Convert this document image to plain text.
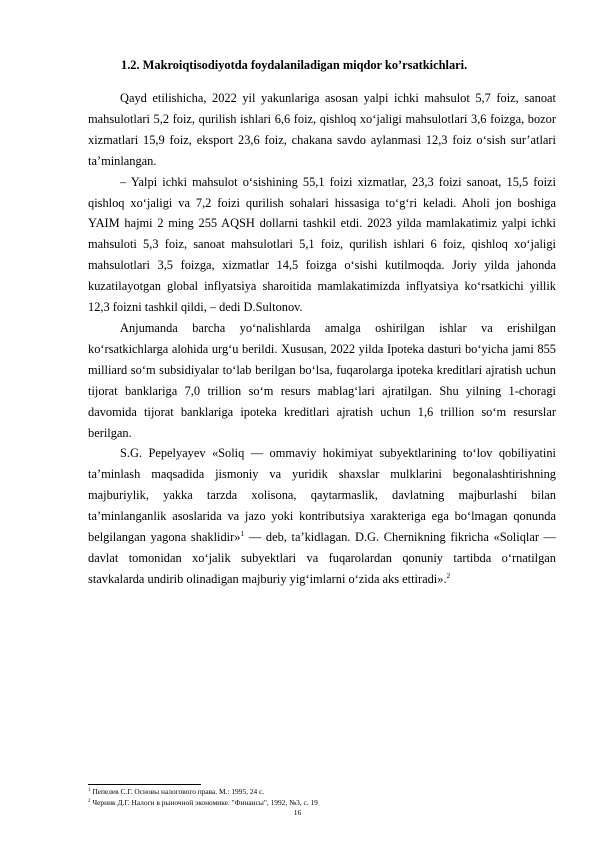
1.2. Makroiqtisodiyotda foydalaniladigan miqdor ko’rsatkichlari.

Qayd etilishicha, 2022 yil yakunlariga asosan yalpi ichki mahsulot 5,7 foiz, sanoat mahsulotlari 5,2 foiz, qurilish ishlari 6,6 foiz, qishloq xo‘jaligi mahsulotlari 3,6 foizga, bozor xizmatlari 15,9 foiz, eksport 23,6 foiz, chakana savdo aylanmasi 12,3 foiz o‘sish sur’atlari ta’minlangan.

– Yalpi ichki mahsulot o‘sishining 55,1 foizi xizmatlar, 23,3 foizi sanoat, 15,5 foizi qishloq xo‘jaligi va 7,2 foizi qurilish sohalari hissasiga to‘g‘ri keladi. Aholi jon boshiga YAIM hajmi 2 ming 255 AQSH dollarni tashkil etdi. 2023 yilda mamlakatimiz yalpi ichki mahsuloti 5,3 foiz, sanoat mahsulotlari 5,1 foiz, qurilish ishlari 6 foiz, qishloq xo‘jaligi mahsulotlari 3,5 foizga, xizmatlar 14,5 foizga o‘sishi kutilmoqda. Joriy yilda jahonda kuzatilayotgan global inflyatsiya sharoitida mamlakatimizda inflyatsiya ko‘rsatkichi yillik 12,3 foizni tashkil qildi, – dedi D.Sultonov.

Anjumanda barcha yo‘nalishlarda amalga oshirilgan ishlar va erishilgan ko‘rsatkichlarga alohida urg‘u berildi. Xususan, 2022 yilda Ipoteka dasturi bo‘yicha jami 855 milliard so‘m subsidiyalar to‘lab berilgan bo‘lsa, fuqarolarga ipoteka kreditlari ajratish uchun tijorat banklariga 7,0 trillion so‘m resurs mablag‘lari ajratilgan. Shu yilning 1-choragi davomida tijorat banklariga ipoteka kreditlari ajratish uchun 1,6 trillion so‘m resurslar berilgan.

S.G. Pepelyayev «Soliq — ommaviy hokimiyat subyektlarining to‘lov qobiliyatini ta’minlash maqsadida jismoniy va yuridik shaxslar mulklarini begonalashtirishning majburiylik, yakka tarzda xolisona, qaytarmaslik, davlatning majburlashi bilan ta’minlanganlik asoslarida va jazo yoki kontributsiya xarakteriga ega bo‘lmagan qonunda belgilangan yagona shaklidir»$^1$ — deb, ta’kidlagan. D.G. Chernikning fikricha «Soliqlar — davlat tomonidan xo‘jalik subyektlari va fuqarolardan qonuniy tartibda o‘rnatilgan stavkalarda undirib olinadigan majburiy yig‘imlarni o‘zida aks ettiradi».$^2$

$^1$ Пепелев С.Г. Основы налогового права. М.: 1995, 24 с.
$^2$ Черник Д.Г. Налоги в рыночной экономике. "Финансы", 1992, №3, с. 19
16
